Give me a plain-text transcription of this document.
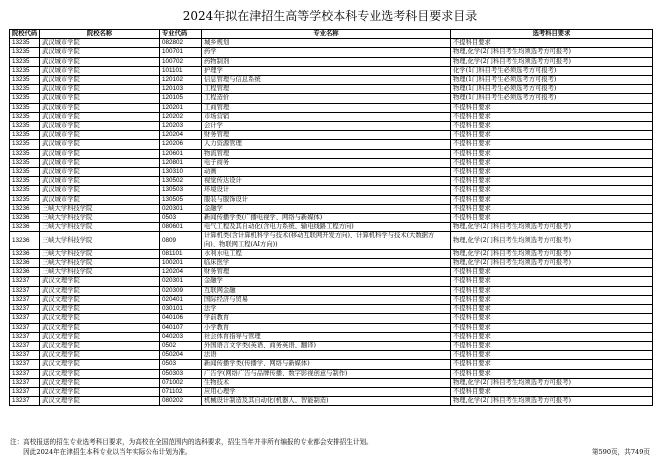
2024年拟在津招生高等学校本科专业选考科目要求目录
院校代码	院校名称	专业代码	专业名称	选考科目要求
13235	武汉城市学院	082802	城乡规划	不提科目要求
13235	武汉城市学院	100701	药学	物理,化学(2门科目考生均须选考方可报考)
13235	武汉城市学院	100702	药物制剂	物理,化学(2门科目考生均须选考方可报考)
13235	武汉城市学院	101101	护理学	化学(1门科目考生必须选考方可报考)
13235	武汉城市学院	120102	信息管理与信息系统	物理(1门科目考生必须选考方可报考)
13235	武汉城市学院	120103	工程管理	物理(1门科目考生必须选考方可报考)
13235	武汉城市学院	120105	工程造价	物理(1门科目考生必须选考方可报考)
13235	武汉城市学院	120201	工商管理	不提科目要求
13235	武汉城市学院	120202	市场营销	不提科目要求
13235	武汉城市学院	120203	会计学	不提科目要求
13235	武汉城市学院	120204	财务管理	不提科目要求
13235	武汉城市学院	120206	人力资源管理	不提科目要求
13235	武汉城市学院	120601	物流管理	不提科目要求
13235	武汉城市学院	120801	电子商务	不提科目要求
13235	武汉城市学院	130310	动画	不提科目要求
13235	武汉城市学院	130502	视觉传达设计	不提科目要求
13235	武汉城市学院	130503	环境设计	不提科目要求
13235	武汉城市学院	130505	服装与服饰设计	不提科目要求
13236	三峡大学科技学院	020301	金融学	不提科目要求
13236	三峡大学科技学院	0503	新闻传播学类(广播电视学、网络与新媒体)	不提科目要求
13236	三峡大学科技学院	080601	电气工程及其自动化(含电力系统、输电线路工程方向)	物理,化学(2门科目考生均须选考方可报考)
13236	三峡大学科技学院	0809	计算机类(含计算机科学与技术(移动互联网开发方向)、计算机科学与技术(大数据方向)、物联网工程(AI方向))	物理,化学(2门科目考生均须选考方可报考)
13236	三峡大学科技学院	081101	水利水电工程	物理,化学(2门科目考生均须选考方可报考)
13236	三峡大学科技学院	100201	临床医学	物理,化学(2门科目考生均须选考方可报考)
13236	三峡大学科技学院	120204	财务管理	不提科目要求
13237	武汉文理学院	020301	金融学	不提科目要求
13237	武汉文理学院	020309	互联网金融	不提科目要求
13237	武汉文理学院	020401	国际经济与贸易	不提科目要求
13237	武汉文理学院	030101	法学	不提科目要求
13237	武汉文理学院	040106	学前教育	不提科目要求
13237	武汉文理学院	040107	小学教育	不提科目要求
13237	武汉文理学院	040203	社会体育指导与管理	不提科目要求
13237	武汉文理学院	0502	外国语言文学类(英语、商务英语、翻译)	不提科目要求
13237	武汉文理学院	050204	法语	不提科目要求
13237	武汉文理学院	0503	新闻传播学类(传播学、网络与新媒体)	不提科目要求
13237	武汉文理学院	050303	广告学(网络广告与品牌传播、数字影视创意与制作)	不提科目要求
13237	武汉文理学院	071002	生物技术	物理,化学(2门科目考生均须选考方可报考)
13237	武汉文理学院	071102	应用心理学	不提科目要求
13237	武汉文理学院	080202	机械设计制造及其自动化(机器人、智能制造)	物理,化学(2门科目考生均须选考方可报考)
注：高校报送的招生专业选考科目要求，为高校在全国范围内的选科要求，招生当年并非所有编报的专业都会安排招生计划。
　　因此2024年在津招生本科专业以当年实际公布计划为准。	第590页，共749页
